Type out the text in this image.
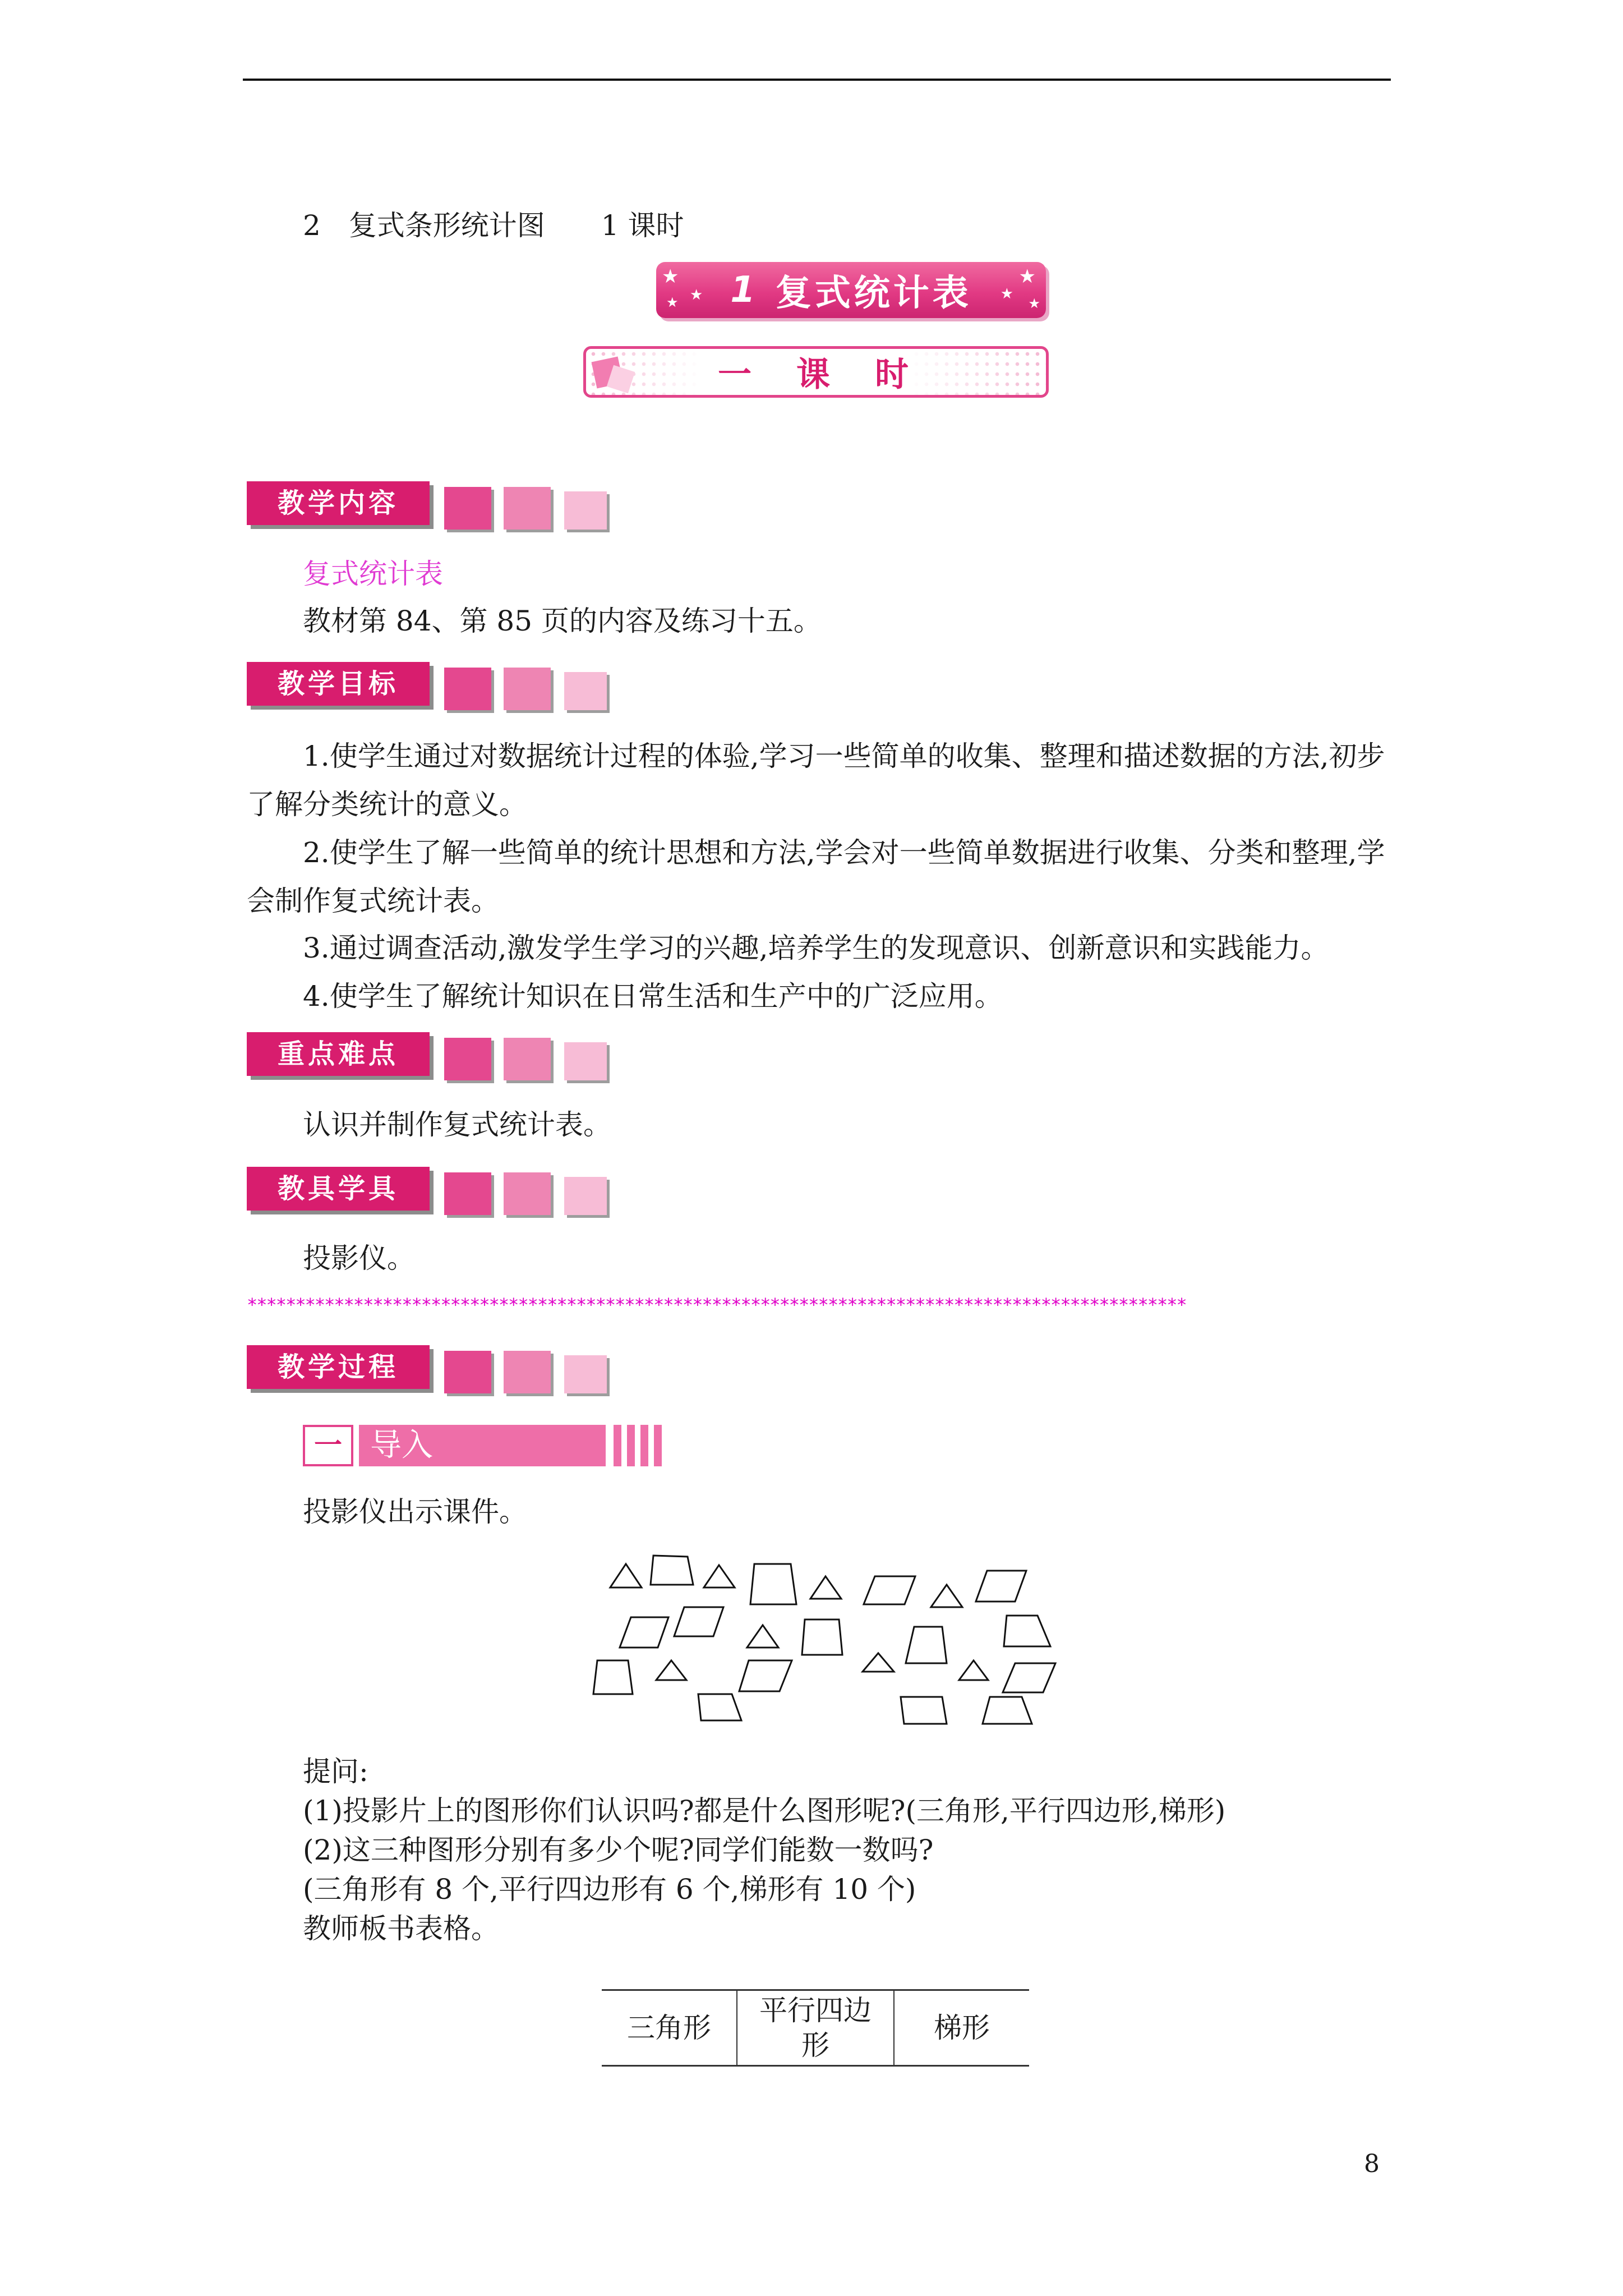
2　复式条形统计图　　1 课时
★
★
★
★
★
★
1 复式统计表
一　课　时
教学内容
复式统计表
教材第 84、第 85 页的内容及练习十五。
教学目标
1.使学生通过对数据统计过程的体验,学习一些简单的收集、整理和描述数据的方法,初步了解分类统计的意义。
2.使学生了解一些简单的统计思想和方法,学会对一些简单数据进行收集、分类和整理,学会制作复式统计表。
3.通过调查活动,激发学生学习的兴趣,培养学生的发现意识、创新意识和实践能力。
4.使学生了解统计知识在日常生活和生产中的广泛应用。
重点难点
认识并制作复式统计表。
教具学具
投影仪。
*************************************************************************************************
教学过程
一 导入
投影仪出示课件。
提问:
(1)投影片上的图形你们认识吗?都是什么图形呢?(三角形,平行四边形,梯形)
(2)这三种图形分别有多少个呢?同学们能数一数吗?
(三角形有 8 个,平行四边形有 6 个,梯形有 10 个)
教师板书表格。
三角形	平行四边形	梯形
8
